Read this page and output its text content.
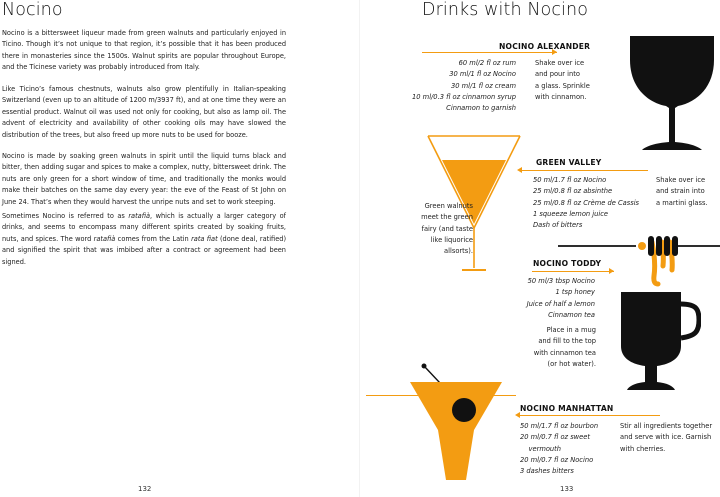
Nocino

Nocino is a bittersweet liqueur made from green walnuts and particularly enjoyed in Ticino. Though it’s not unique to that region, it’s possible that it has been produced there in monasteries since the 1500s. Walnut spirits are popular throughout Europe, and the Ticinese variety was probably introduced from Italy.

Like Ticino’s famous chestnuts, walnuts also grow plentifully in Italian-speaking Switzerland (even up to an altitude of 1200 m/3937 ft), and at one time they were an essential product. Walnut oil was used not only for cooking, but also as lamp oil. The advent of electricity and availability of other cooking oils may have slowed the distribution of the trees, but also freed up more nuts to be used for booze.

Nocino is made by soaking green walnuts in spirit until the liquid turns black and bitter, then adding sugar and spices to make a complex, nutty, bittersweet drink. The nuts are only green for a short window of time, and traditionally the monks would make their batches on the same day every year: the eve of the Feast of St John on June 24. That’s when they would harvest the unripe nuts and set to work steeping.

Sometimes Nocino is referred to as ratafià, which is actually a larger category of drinks, and seems to encompass many different spirits created by soaking fruits, nuts, and spices. The word ratafià comes from the Latin rata fiat (done deal, ratified) and signified the spirit that was imbibed after a contract or agreement had been signed.

132
Drinks with Nocino
NOCINO ALEXANDER
60 ml/2 fl oz rum
30 ml/1 fl oz Nocino
30 ml/1 fl oz cream
10 ml/0.3 fl oz cinnamon syrup
Cinnamon to garnish
Shake over ice
and pour into
a glass. Sprinkle
with cinnamon.
Green walnuts
meet the green
fairy (and taste
like liquorice
allsorts).
GREEN VALLEY
50 ml/1.7 fl oz Nocino
25 ml/0.8 fl oz absinthe
25 ml/0.8 fl oz Crème de Cassis
1 squeeze lemon juice
Dash of bitters
Shake over ice
and strain into
a martini glass.
NOCINO TODDY
50 ml/3 tbsp Nocino
1 tsp honey
Juice of half a lemon
Cinnamon tea
Place in a mug
and fill to the top
with cinnamon tea
(or hot water).
NOCINO MANHATTAN
50 ml/1.7 fl oz bourbon
20 ml/0.7 fl oz sweet
vermouth
20 ml/0.7 fl oz Nocino
3 dashes bitters
Stir all ingredients together
and serve with ice. Garnish
with cherries.
133
